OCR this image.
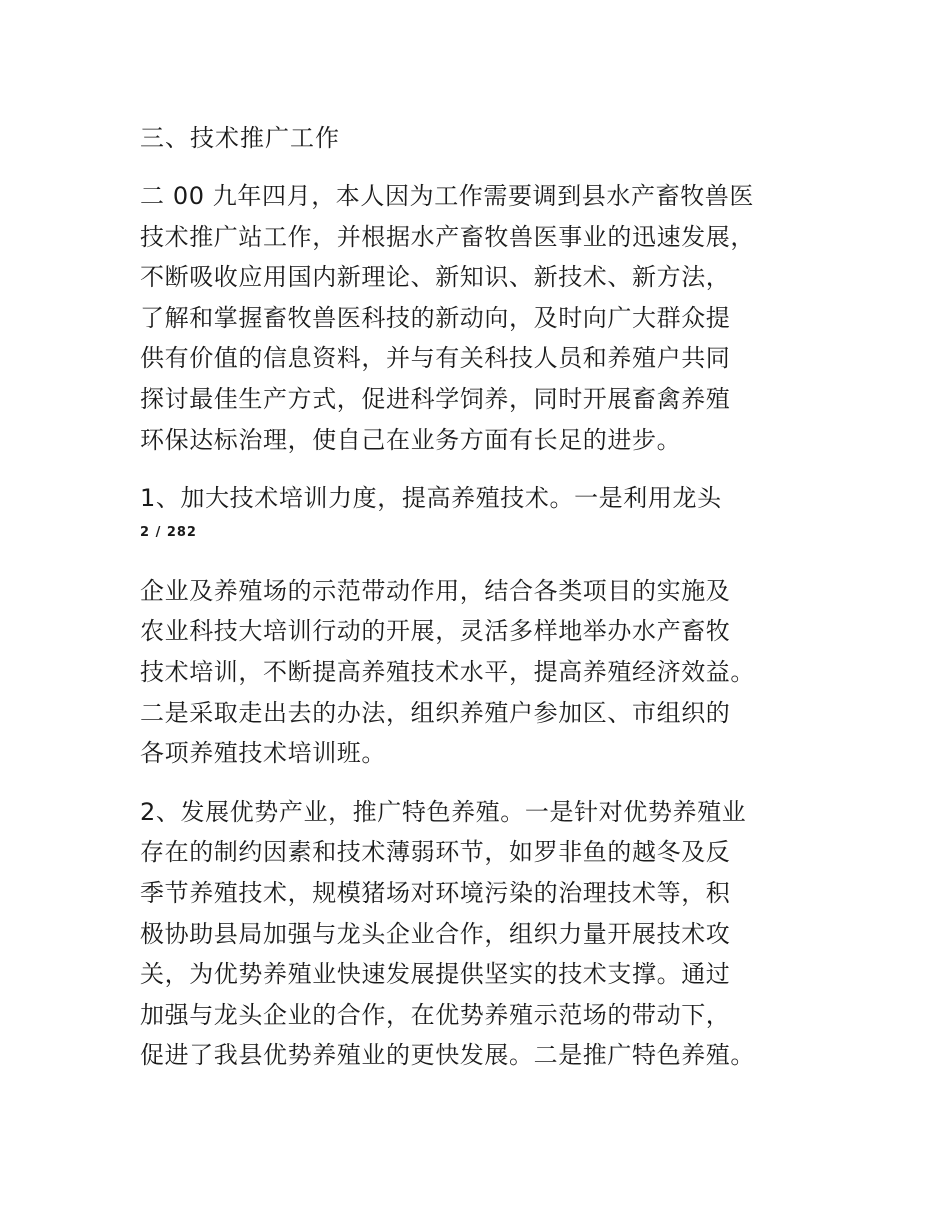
三、技术推广工作
二 00 九年四月，本人因为工作需要调到县水产畜牧兽医
技术推广站工作，并根据水产畜牧兽医事业的迅速发展，
不断吸收应用国内新理论、新知识、新技术、新方法，
了解和掌握畜牧兽医科技的新动向，及时向广大群众提
供有价值的信息资料，并与有关科技人员和养殖户共同
探讨最佳生产方式，促进科学饲养，同时开展畜禽养殖
环保达标治理，使自己在业务方面有长足的进步。
1、加大技术培训力度，提高养殖技术。一是利用龙头
2 / 282
企业及养殖场的示范带动作用，结合各类项目的实施及
农业科技大培训行动的开展，灵活多样地举办水产畜牧
技术培训，不断提高养殖技术水平，提高养殖经济效益。
二是采取走出去的办法，组织养殖户参加区、市组织的
各项养殖技术培训班。
2、发展优势产业，推广特色养殖。一是针对优势养殖业
存在的制约因素和技术薄弱环节，如罗非鱼的越冬及反
季节养殖技术，规模猪场对环境污染的治理技术等，积
极协助县局加强与龙头企业合作，组织力量开展技术攻
关，为优势养殖业快速发展提供坚实的技术支撑。通过
加强与龙头企业的合作，在优势养殖示范场的带动下，
促进了我县优势养殖业的更快发展。二是推广特色养殖。
